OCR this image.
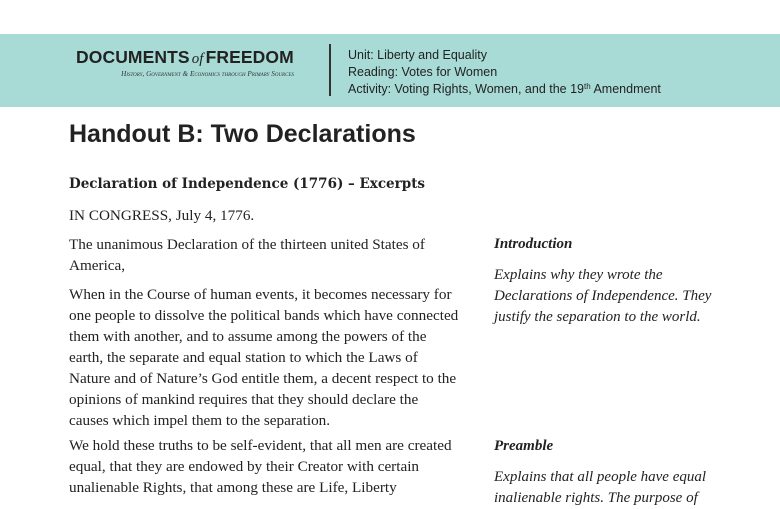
DOCUMENTS of FREEDOM
History, Government & Economics through Primary Sources
Unit: Liberty and Equality
Reading: Votes for Women
Activity: Voting Rights, Women, and the 19th Amendment
Handout B: Two Declarations
Declaration of Independence (1776) – Excerpts
IN CONGRESS, July 4, 1776.
The unanimous Declaration of the thirteen united States of America,
When in the Course of human events, it becomes necessary for one people to dissolve the political bands which have connected them with another, and to assume among the powers of the earth, the separate and equal station to which the Laws of Nature and of Nature’s God entitle them, a decent respect to the opinions of mankind requires that they should declare the causes which impel them to the separation.
We hold these truths to be self-evident, that all men are created equal, that they are endowed by their Creator with certain unalienable Rights, that among these are Life, Liberty
Introduction
Explains why they wrote the Declarations of Independence. They justify the separation to the world.
Preamble
Explains that all people have equal inalienable rights. The purpose of
